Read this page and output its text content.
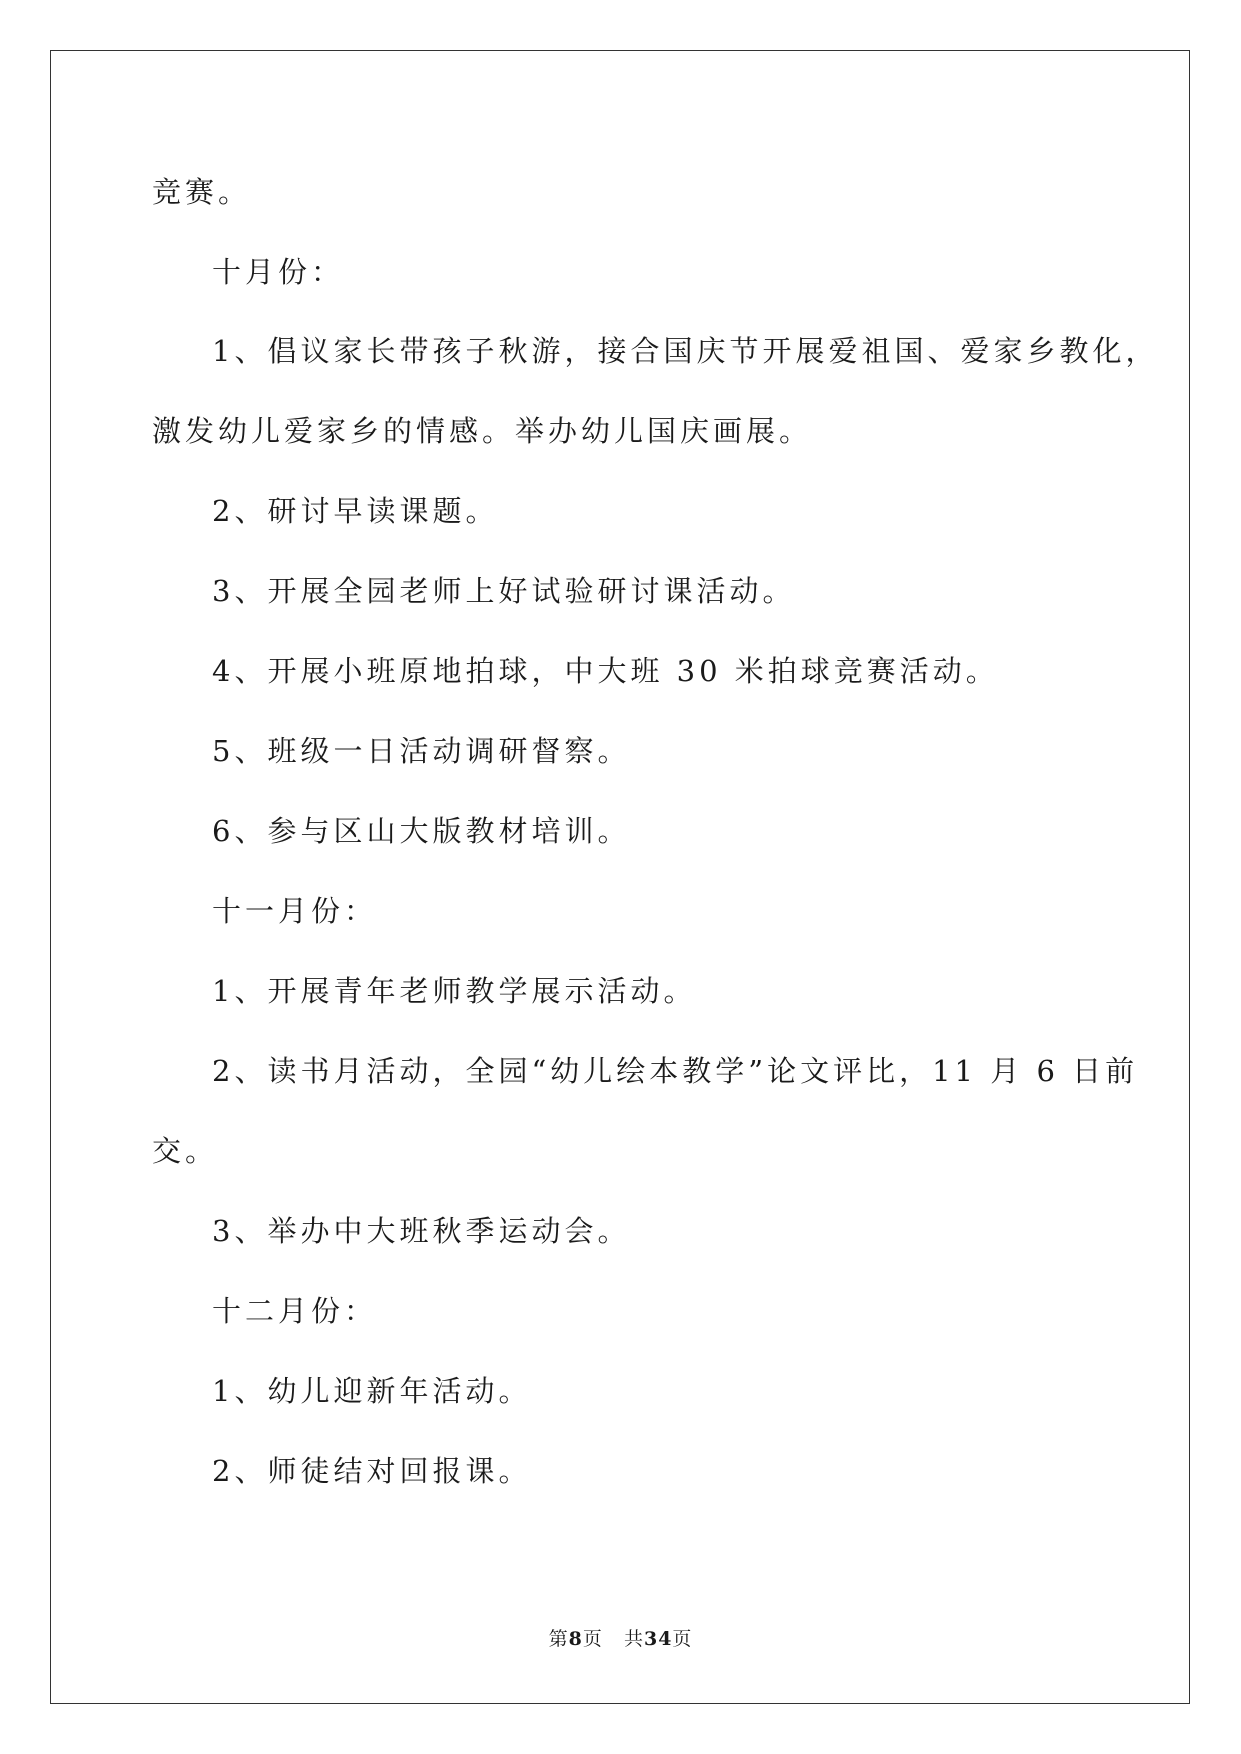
竞赛。

十月份：

1、倡议家长带孩子秋游，接合国庆节开展爱祖国、爱家乡教化，

激发幼儿爱家乡的情感。举办幼儿国庆画展。

2、研讨早读课题。

3、开展全园老师上好试验研讨课活动。

4、开展小班原地拍球，中大班 30 米拍球竞赛活动。

5、班级一日活动调研督察。

6、参与区山大版教材培训。

十一月份：

1、开展青年老师教学展示活动。

2、读书月活动，全园“幼儿绘本教学”论文评比，11 月 6 日前

交。

3、举办中大班秋季运动会。

十二月份：

1、幼儿迎新年活动。

2、师徒结对回报课。

第8页 共34页
